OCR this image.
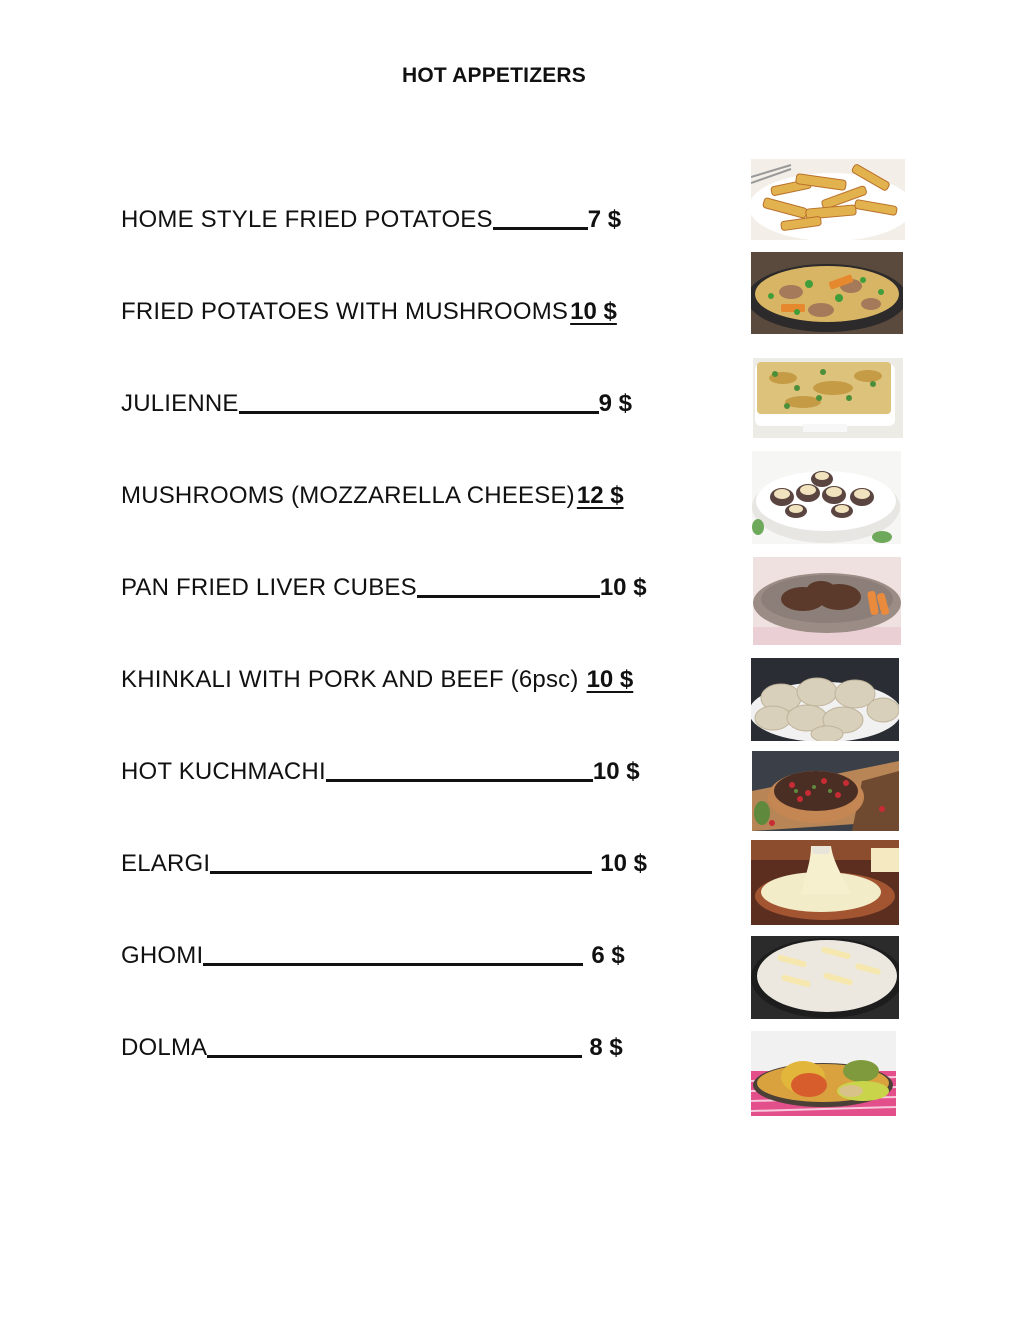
HOT APPETIZERS
HOME STYLE FRIED POTATOES	7 $
FRIED POTATOES WITH MUSHROOMS 10 $
JULIENNE	9 $
MUSHROOMS (MOZZARELLA CHEESE) 12 $
PAN FRIED LIVER CUBES	10 $
KHINKALI WITH PORK AND BEEF (6psc) 10 $
HOT KUCHMACHI	10 $
ELARGI	10 $
GHOMI	6 $
DOLMA	8 $
